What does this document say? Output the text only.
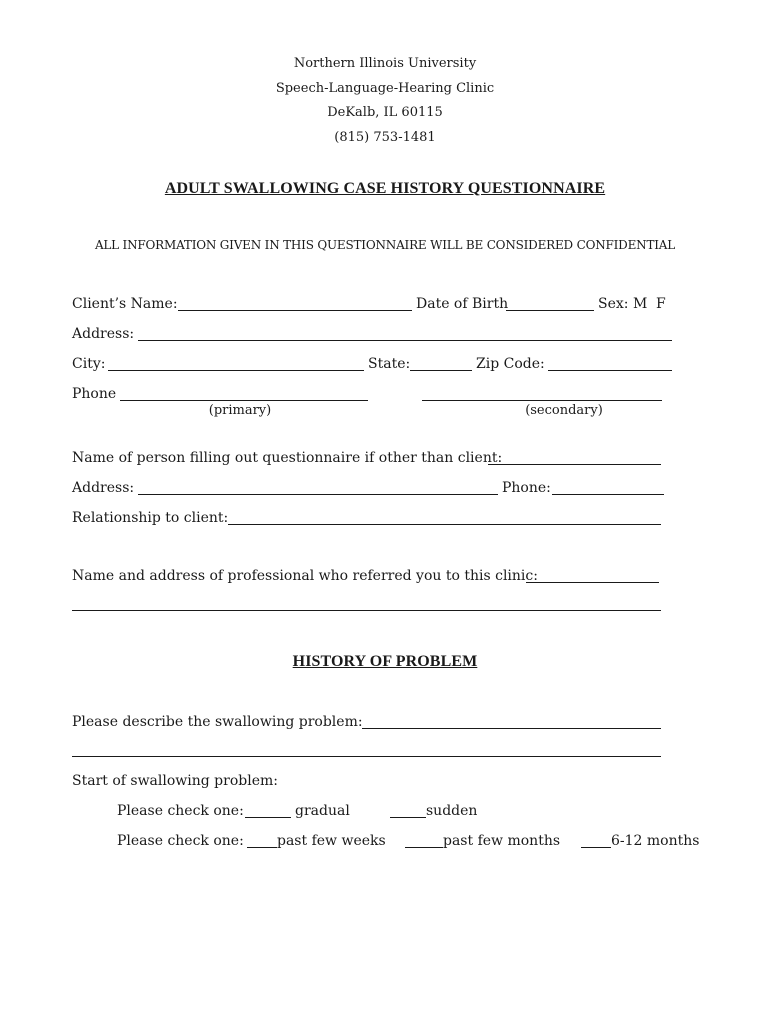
Northern Illinois University
Speech-Language-Hearing Clinic
DeKalb, IL 60115
(815) 753-1481
ADULT SWALLOWING CASE HISTORY QUESTIONNAIRE
ALL INFORMATION GIVEN IN THIS QUESTIONNAIRE WILL BE CONSIDERED CONFIDENTIAL
Client’s Name:	Date of Birth	Sex: M F
Address:
City:	State:	Zip Code:
Phone
(primary)	(secondary)
Name of person filling out questionnaire if other than client:
Address:	Phone:
Relationship to client:
Name and address of professional who referred you to this clinic:
HISTORY OF PROBLEM
Please describe the swallowing problem:
Start of swallowing problem:
Please check one:	gradual	sudden
Please check one: past few weeks	past few months	6-12 months
